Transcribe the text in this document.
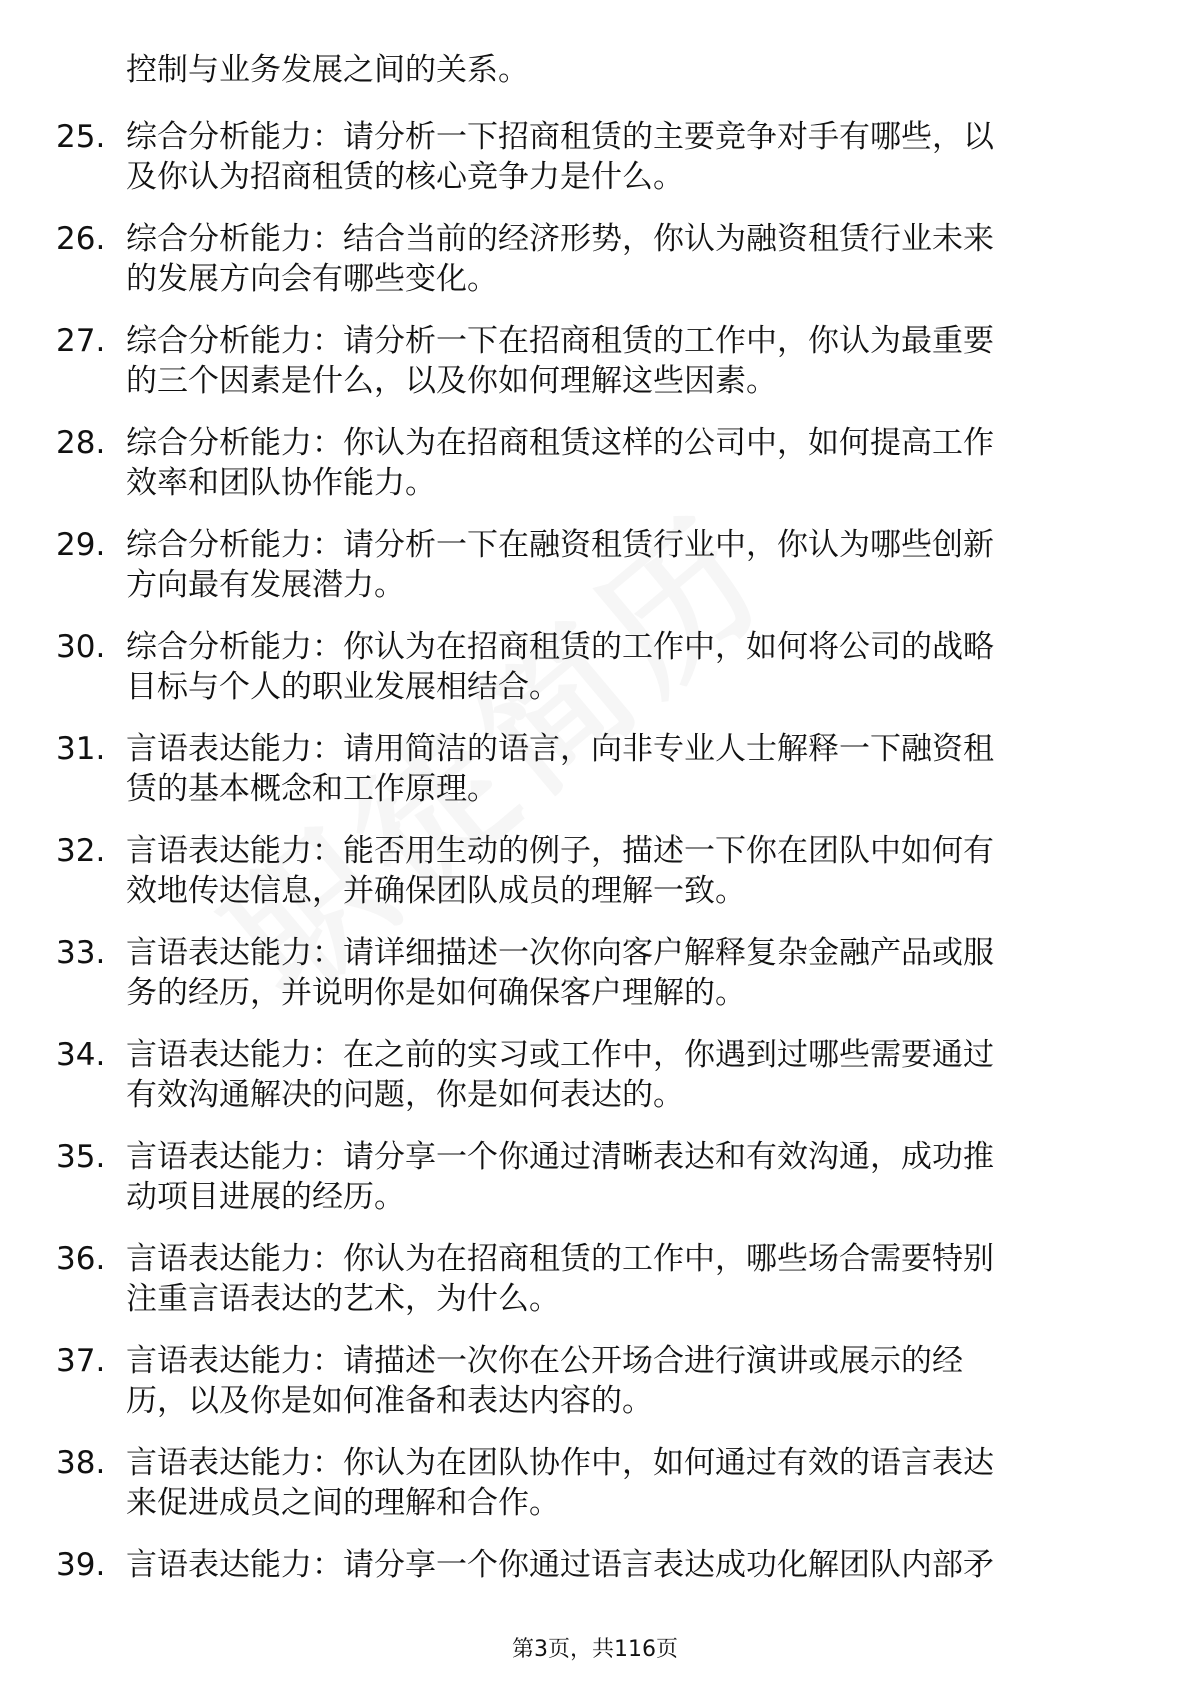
控制与业务发展之间的关系。
25. 综合分析能力：请分析一下招商租赁的主要竞争对手有哪些，以
及你认为招商租赁的核心竞争力是什么。
26. 综合分析能力：结合当前的经济形势，你认为融资租赁行业未来
的发展方向会有哪些变化。
27. 综合分析能力：请分析一下在招商租赁的工作中，你认为最重要
的三个因素是什么，以及你如何理解这些因素。
28. 综合分析能力：你认为在招商租赁这样的公司中，如何提高工作
效率和团队协作能力。
29. 综合分析能力：请分析一下在融资租赁行业中，你认为哪些创新
方向最有发展潜力。
30. 综合分析能力：你认为在招商租赁的工作中，如何将公司的战略
目标与个人的职业发展相结合。
31. 言语表达能力：请用简洁的语言，向非专业人士解释一下融资租
赁的基本概念和工作原理。
32. 言语表达能力：能否用生动的例子，描述一下你在团队中如何有
效地传达信息，并确保团队成员的理解一致。
33. 言语表达能力：请详细描述一次你向客户解释复杂金融产品或服
务的经历，并说明你是如何确保客户理解的。
34. 言语表达能力：在之前的实习或工作中，你遇到过哪些需要通过
有效沟通解决的问题，你是如何表达的。
35. 言语表达能力：请分享一个你通过清晰表达和有效沟通，成功推
动项目进展的经历。
36. 言语表达能力：你认为在招商租赁的工作中，哪些场合需要特别
注重言语表达的艺术，为什么。
37. 言语表达能力：请描述一次你在公开场合进行演讲或展示的经
历，以及你是如何准备和表达内容的。
38. 言语表达能力：你认为在团队协作中，如何通过有效的语言表达
来促进成员之间的理解和合作。
39. 言语表达能力：请分享一个你通过语言表达成功化解团队内部矛
第3页，共116页
